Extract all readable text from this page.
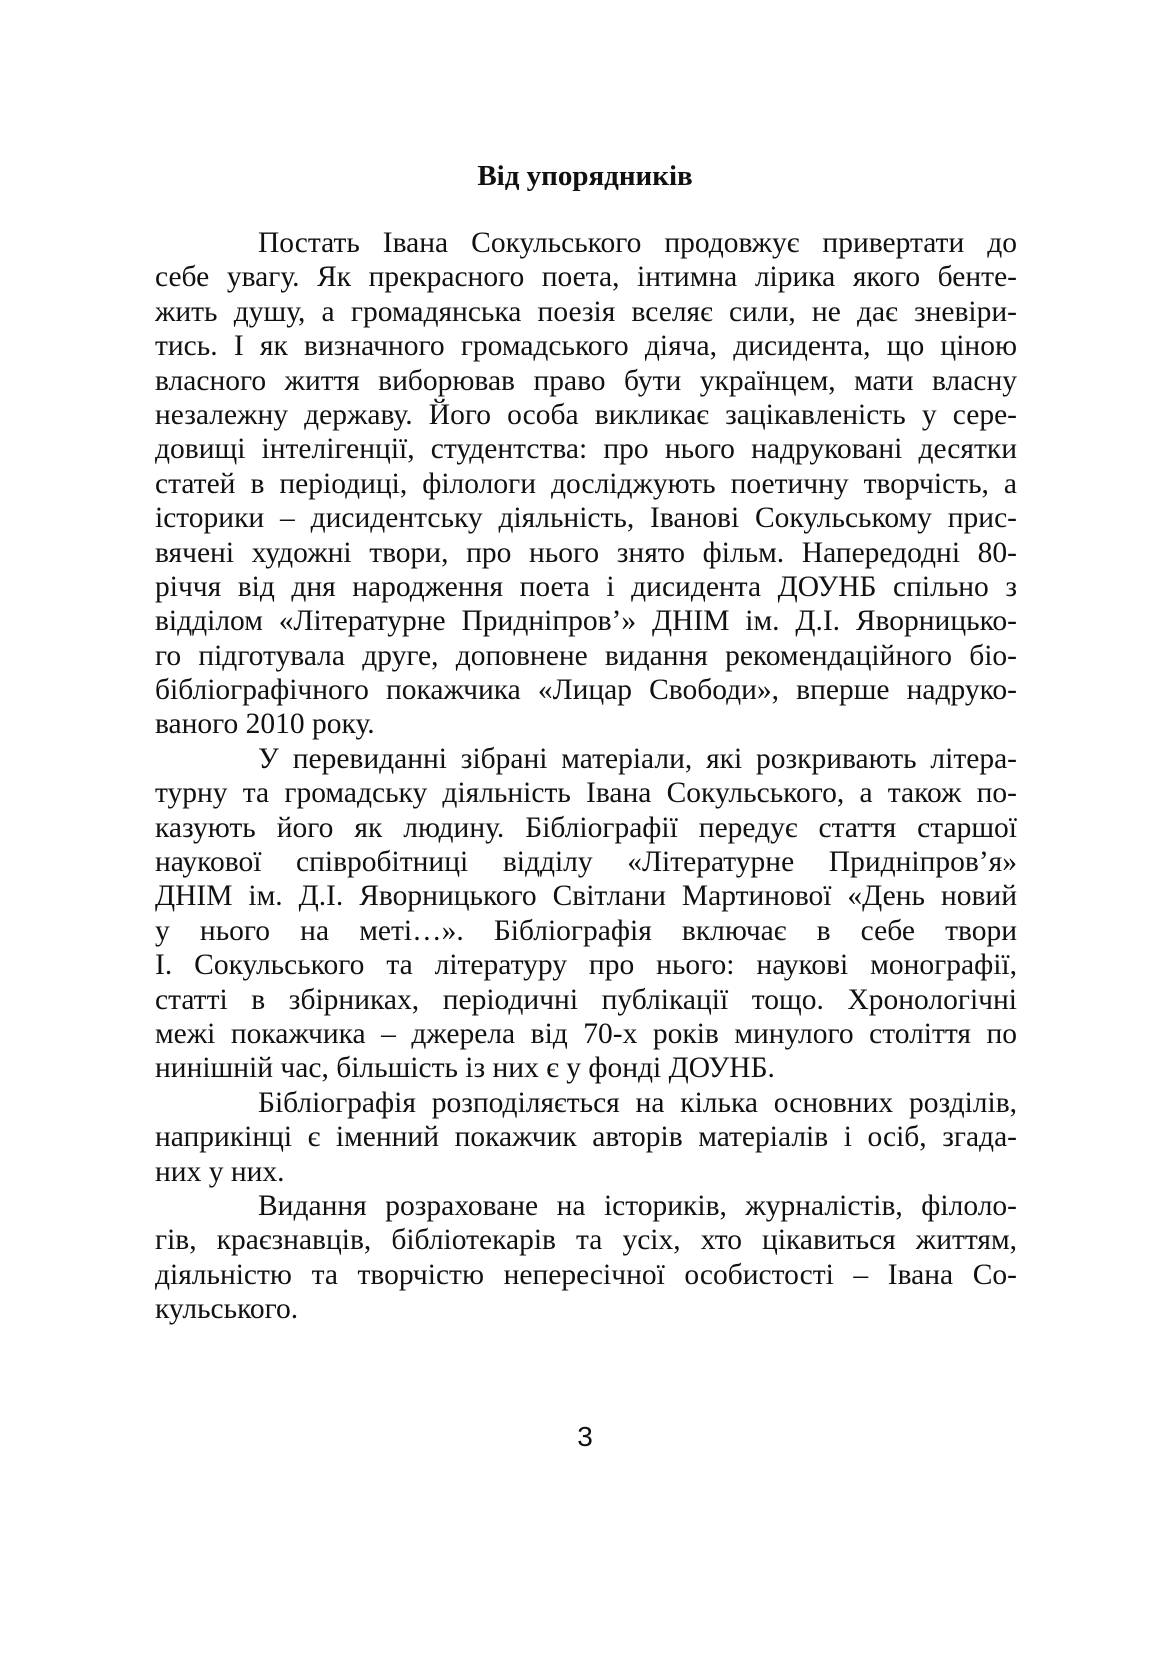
Від упорядників
Постать Івана Сокульського продовжує привертати до
себе увагу. Як прекрасного поета, інтимна лірика якого бенте-
жить душу, а громадянська поезія вселяє сили, не дає зневіри-
тись. І як визначного громадського діяча, дисидента, що ціною
власного життя виборював право бути українцем, мати власну
незалежну державу. Його особа викликає зацікавленість у сере-
довищі інтелігенції, студентства: про нього надруковані десятки
статей в періодиці, філологи досліджують поетичну творчість, а
історики – дисидентську діяльність, Іванові Сокульському прис-
вячені художні твори, про нього знято фільм. Напередодні 80-
річчя від дня народження поета і дисидента ДОУНБ спільно з
відділом «Літературне Придніпров’» ДНІМ ім. Д.І. Яворницько-
го підготувала друге, доповнене видання рекомендаційного біо-
бібліографічного покажчика «Лицар Свободи», вперше надруко-
ваного 2010 року.
У перевиданні зібрані матеріали, які розкривають літера-
турну та громадську діяльність Івана Сокульського, а також по-
казують його як людину. Бібліографії передує стаття старшої
наукової співробітниці відділу «Літературне Придніпров’я»
ДНІМ ім. Д.І. Яворницького Світлани Мартинової «День новий
у нього на меті…». Бібліографія включає в себе твори
І. Сокульського та літературу про нього: наукові монографії,
статті в збірниках, періодичні публікації тощо. Хронологічні
межі покажчика – джерела від 70-х років минулого століття по
нинішній час, більшість із них є у фонді ДОУНБ.
Бібліографія розподіляється на кілька основних розділів,
наприкінці є іменний покажчик авторів матеріалів і осіб, згада-
них у них.
Видання розраховане на істориків, журналістів, філоло-
гів, краєзнавців, бібліотекарів та усіх, хто цікавиться життям,
діяльністю та творчістю непересічної особистості – Івана Со-
кульського.
3
